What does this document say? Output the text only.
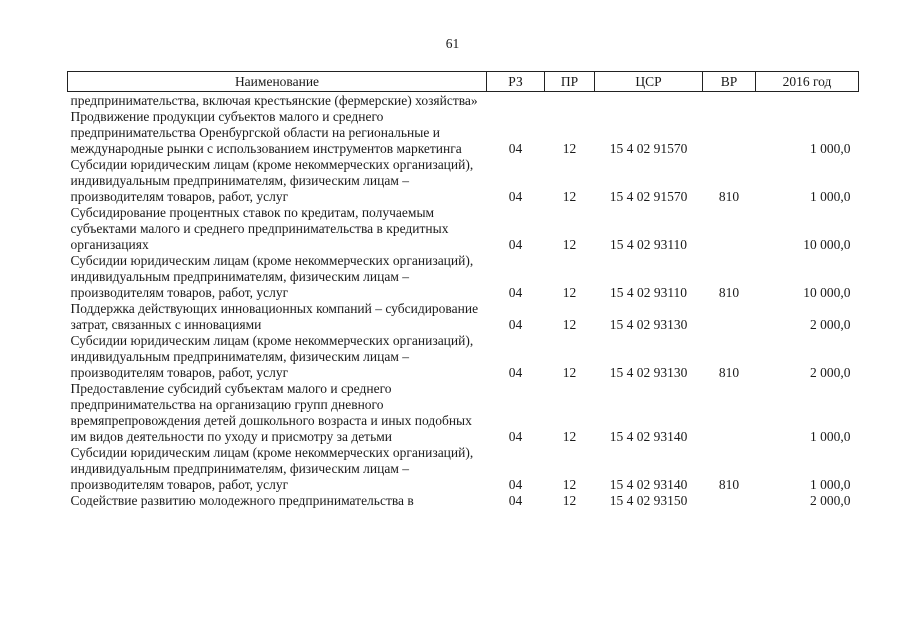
61
Наименование	РЗ	ПР	ЦСР	ВР	2016 год
предпринимательства, включая крестьянские (фермерские) хозяйства»					
Продвижение продукции субъектов малого и среднего предпринимательства Оренбургской области на региональные и международные рынки с использованием инструментов маркетинга	04	12	15 4 02 91570		1 000,0
Субсидии юридическим лицам (кроме некоммерческих организаций), индивидуальным предпринимателям, физическим лицам – производителям товаров, работ, услуг	04	12	15 4 02 91570	810	1 000,0
Субсидирование процентных ставок по кредитам, получаемым субъектами малого и среднего предпринимательства в кредитных организациях	04	12	15 4 02 93110		10 000,0
Субсидии юридическим лицам (кроме некоммерческих организаций), индивидуальным предпринимателям, физическим лицам – производителям товаров, работ, услуг	04	12	15 4 02 93110	810	10 000,0
Поддержка действующих инновационных компаний – субсидирование затрат, связанных с инновациями	04	12	15 4 02 93130		2 000,0
Субсидии юридическим лицам (кроме некоммерческих организаций), индивидуальным предпринимателям, физическим лицам – производителям товаров, работ, услуг	04	12	15 4 02 93130	810	2 000,0
Предоставление субсидий субъектам малого и среднего предпринимательства на организацию групп дневного времяпрепровождения детей дошкольного возраста и иных подобных им видов деятельности по уходу и присмотру за детьми	04	12	15 4 02 93140		1 000,0
Субсидии юридическим лицам (кроме некоммерческих организаций), индивидуальным предпринимателям, физическим лицам – производителям товаров, работ, услуг	04	12	15 4 02 93140	810	1 000,0
Содействие развитию молодежного предпринимательства в	04	12	15 4 02 93150		2 000,0
